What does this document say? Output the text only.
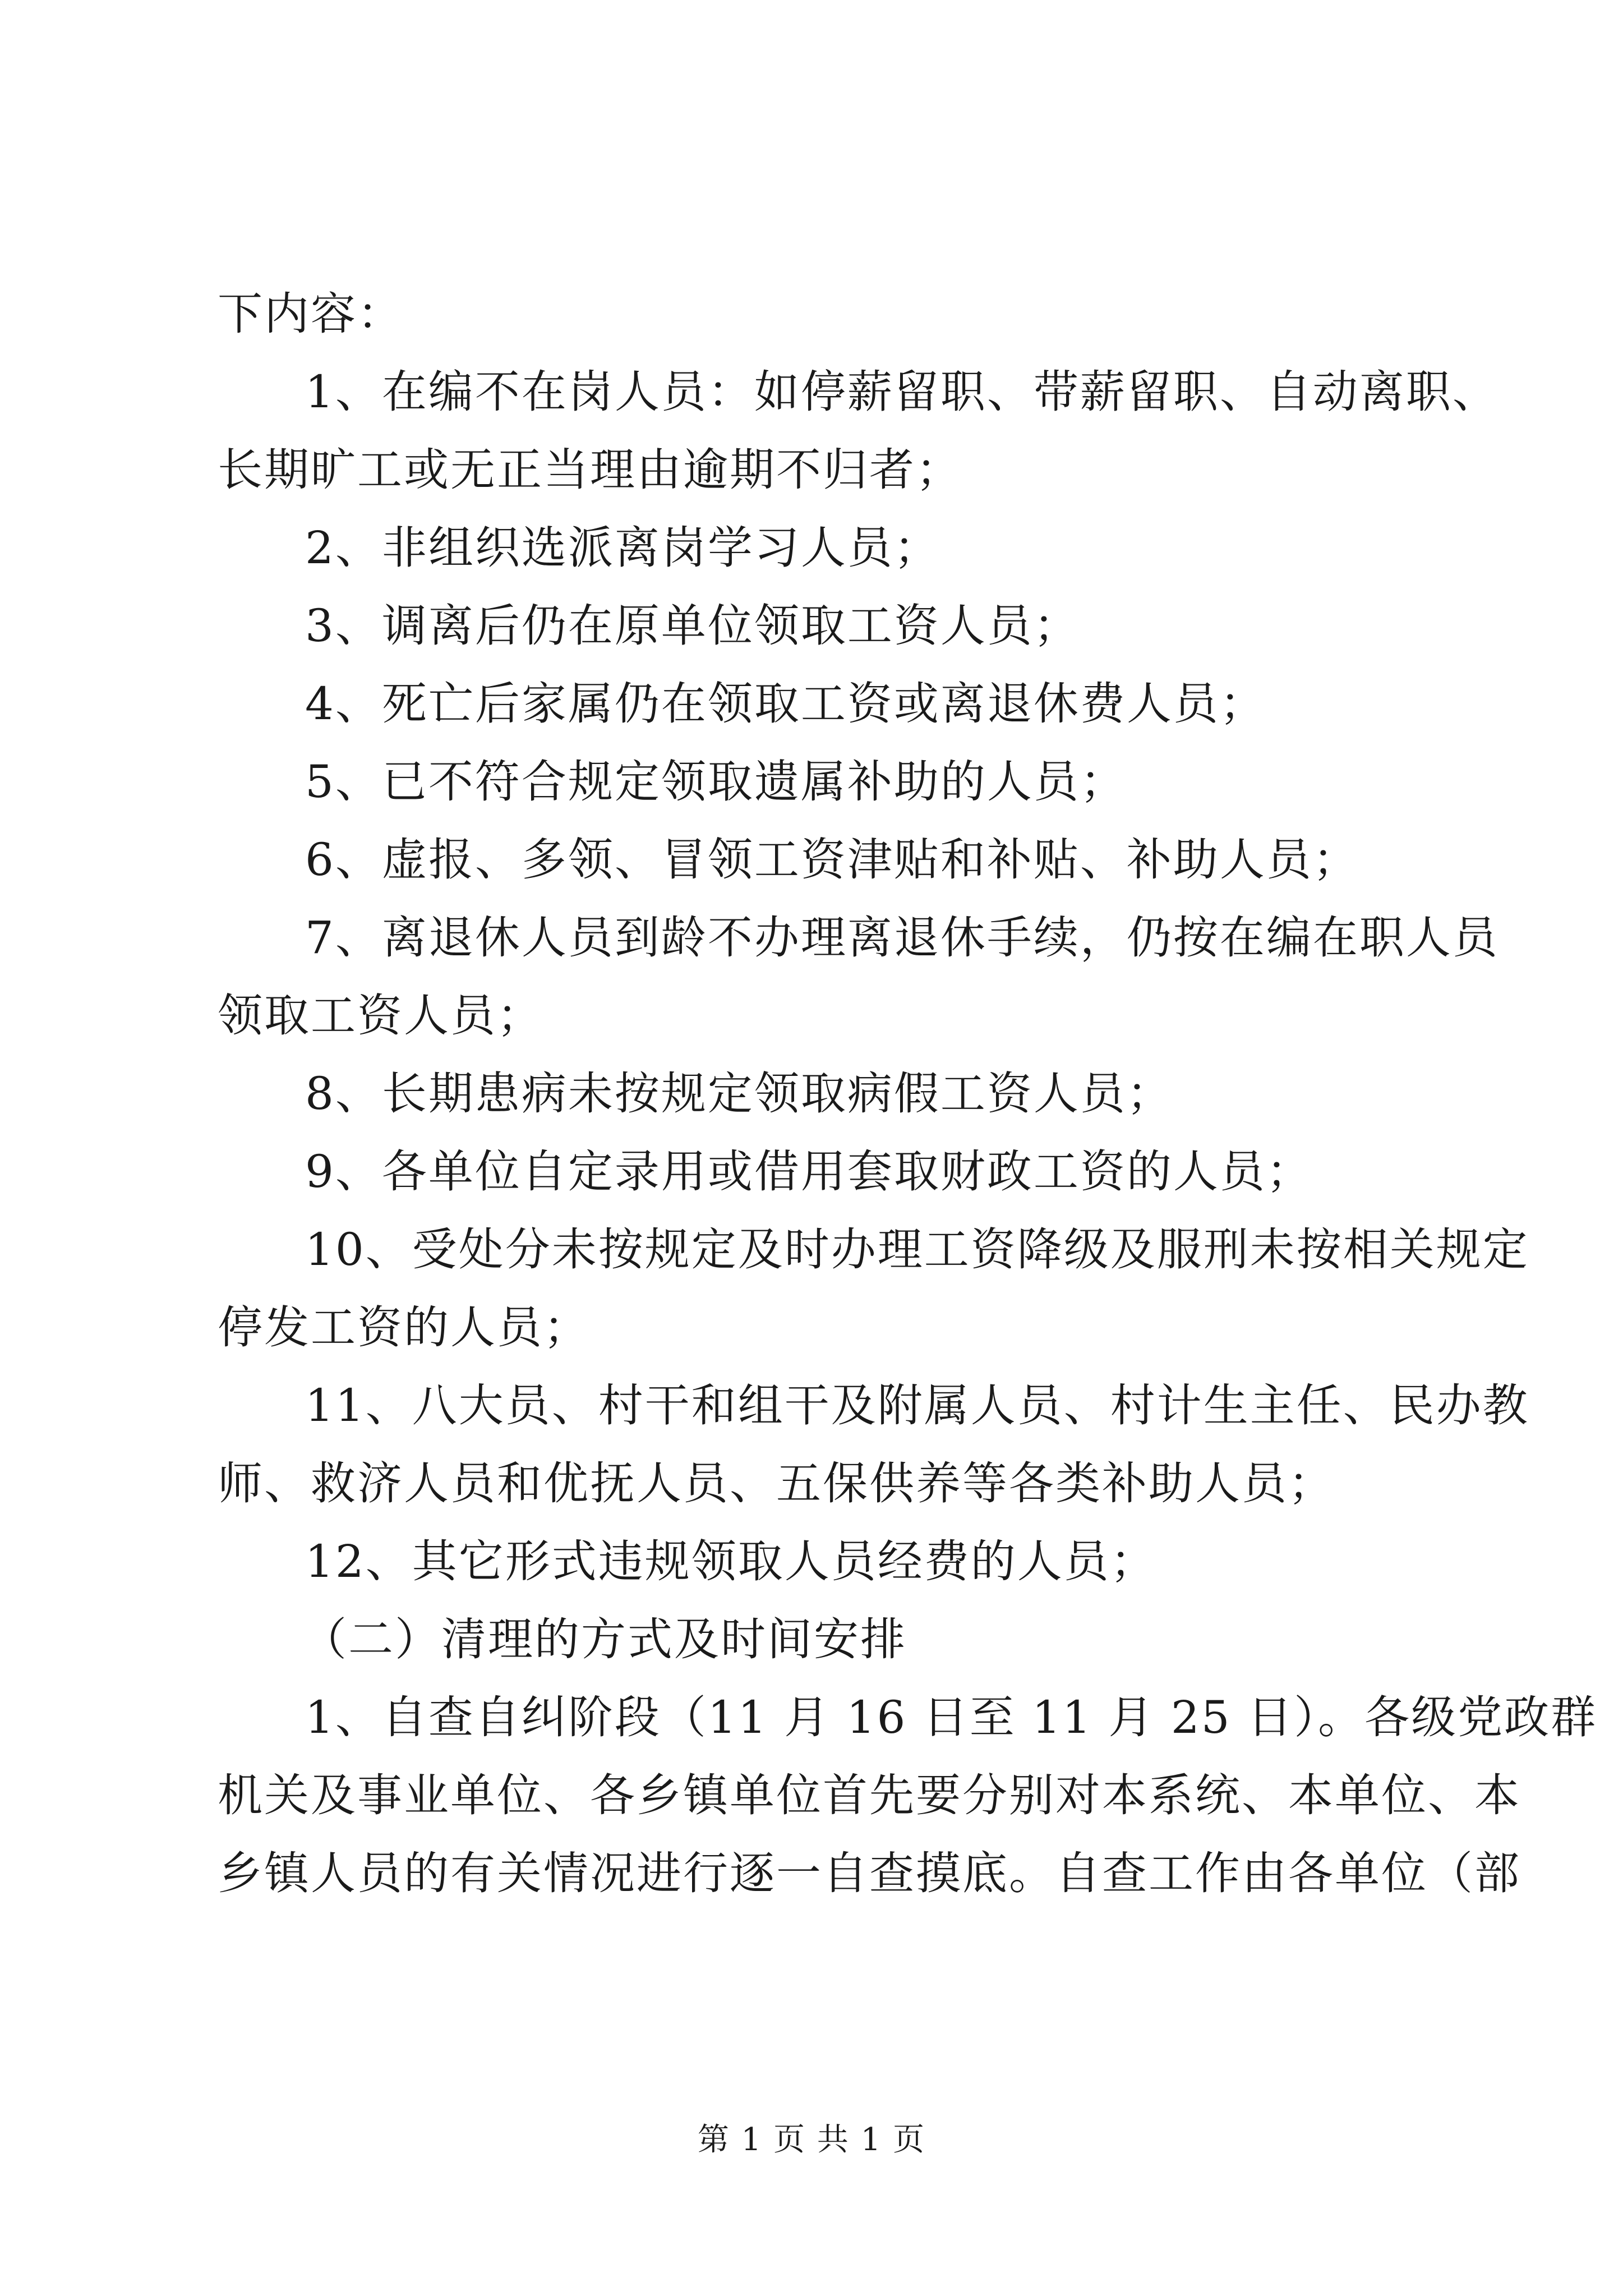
下内容：
1、在编不在岗人员：如停薪留职、带薪留职、自动离职、
长期旷工或无正当理由逾期不归者；
2、非组织选派离岗学习人员；
3、调离后仍在原单位领取工资人员；
4、死亡后家属仍在领取工资或离退休费人员；
5、已不符合规定领取遗属补助的人员；
6、虚报、多领、冒领工资津贴和补贴、补助人员；
7、离退休人员到龄不办理离退休手续，仍按在编在职人员
领取工资人员；
8、长期患病未按规定领取病假工资人员；
9、各单位自定录用或借用套取财政工资的人员；
10、受处分未按规定及时办理工资降级及服刑未按相关规定
停发工资的人员；
11、八大员、村干和组干及附属人员、村计生主任、民办教
师、救济人员和优抚人员、五保供养等各类补助人员；
12、其它形式违规领取人员经费的人员；
（二）清理的方式及时间安排
1、自查自纠阶段（11 月 16 日至 11 月 25 日）。各级党政群
机关及事业单位、各乡镇单位首先要分别对本系统、本单位、本
乡镇人员的有关情况进行逐一自查摸底。自查工作由各单位（部
第 1 页 共 1 页
